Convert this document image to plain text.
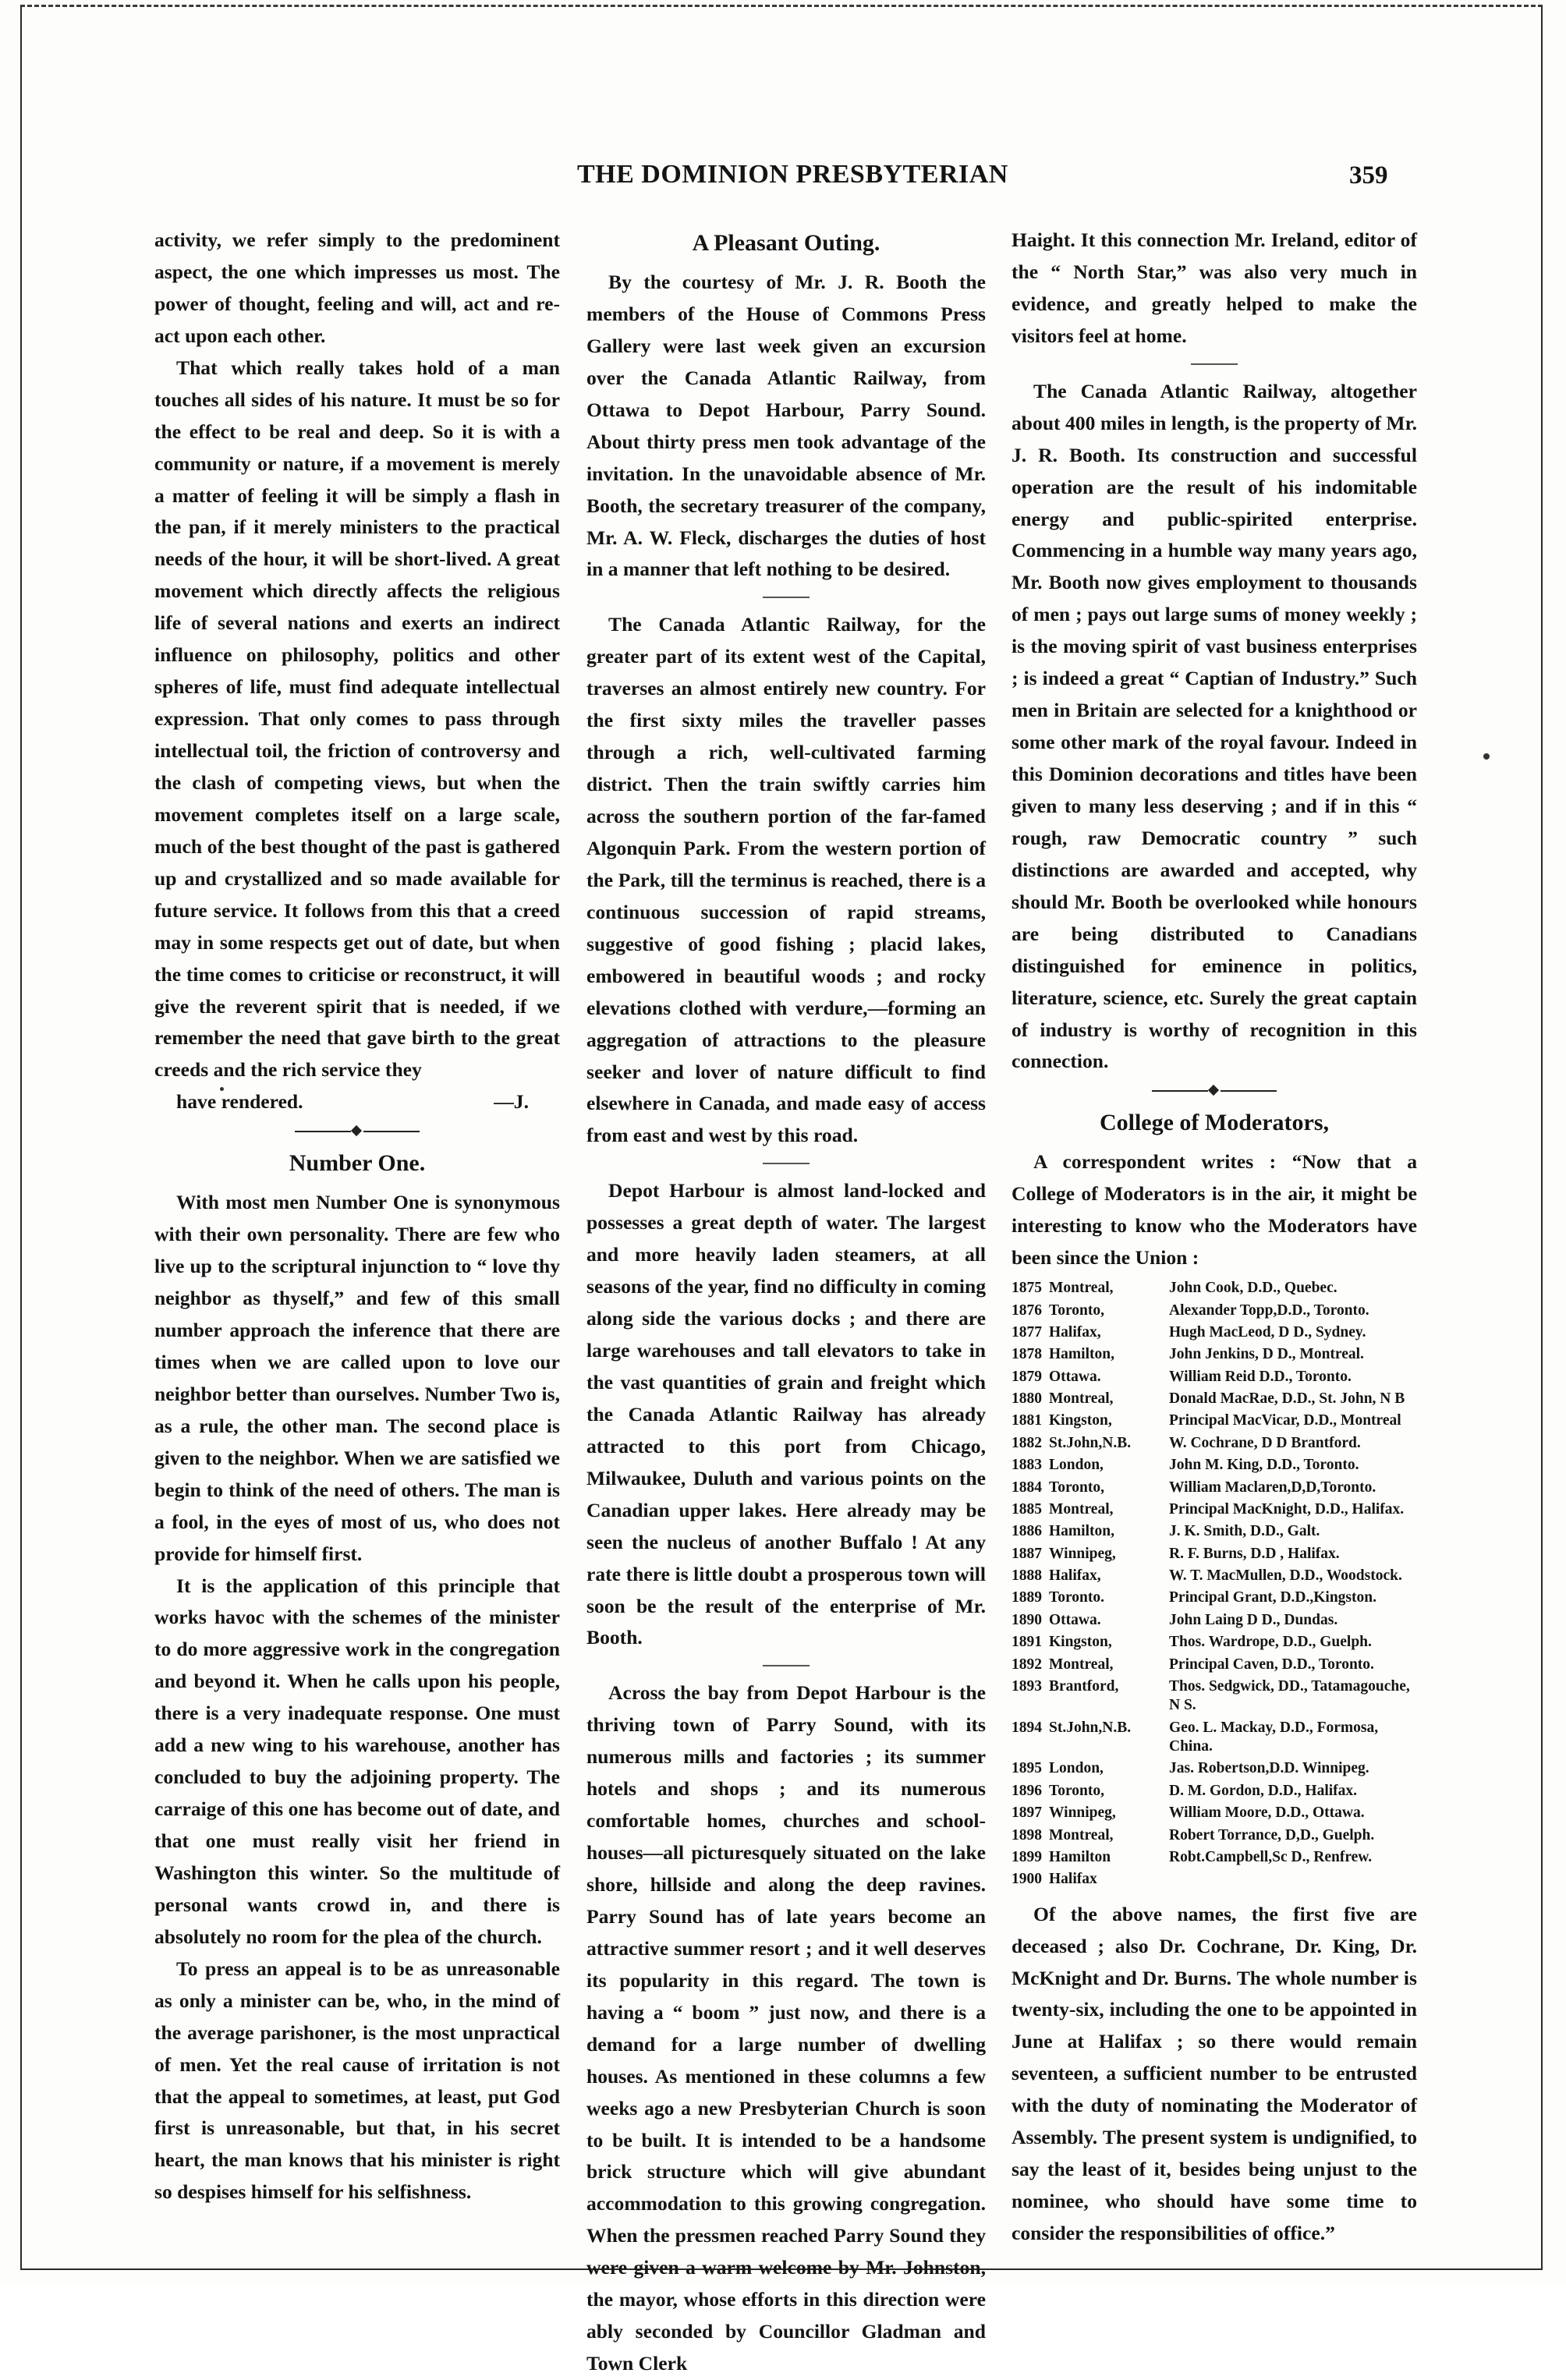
THE DOMINION PRESBYTERIAN	359

activity, we refer simply to the predominent aspect, the one which impresses us most. The power of thought, feeling and will, act and re-act upon each other.

That which really takes hold of a man touches all sides of his nature. It must be so for the effect to be real and deep. So it is with a community or nature, if a movement is merely a matter of feeling it will be simply a flash in the pan, if it merely ministers to the practical needs of the hour, it will be short-lived. A great movement which directly affects the religious life of several nations and exerts an indirect influence on philosophy, politics and other spheres of life, must find adequate intellectual expression. That only comes to pass through intellectual toil, the friction of controversy and the clash of competing views, but when the movement completes itself on a large scale, much of the best thought of the past is gathered up and crystallized and so made available for future service. It follows from this that a creed may in some respects get out of date, but when the time comes to criticise or reconstruct, it will give the reverent spirit that is needed, if we remember the need that gave birth to the great creeds and the rich service they

have rendered.	—J.

Number One.

With most men Number One is synonymous with their own personality. There are few who live up to the scriptural injunction to “ love thy neighbor as thyself,” and few of this small number approach the inference that there are times when we are called upon to love our neighbor better than ourselves. Number Two is, as a rule, the other man. The second place is given to the neighbor. When we are satisfied we begin to think of the need of others. The man is a fool, in the eyes of most of us, who does not provide for himself first.

It is the application of this principle that works havoc with the schemes of the minister to do more aggressive work in the congregation and beyond it. When he calls upon his people, there is a very inadequate response. One must add a new wing to his warehouse, another has concluded to buy the adjoining property. The carraige of this one has become out of date, and that one must really visit her friend in Washington this winter. So the multitude of personal wants crowd in, and there is absolutely no room for the plea of the church.

To press an appeal is to be as unreasonable as only a minister can be, who, in the mind of the average parishoner, is the most unpractical of men. Yet the real cause of irritation is not that the appeal to sometimes, at least, put God first is unreasonable, but that, in his secret heart, the man knows that his minister is right so despises himself for his selfishness.

A Pleasant Outing.

By the courtesy of Mr. J. R. Booth the members of the House of Commons Press Gallery were last week given an excursion over the Canada Atlantic Railway, from Ottawa to Depot Harbour, Parry Sound. About thirty press men took advantage of the invitation. In the unavoidable absence of Mr. Booth, the secretary treasurer of the company, Mr. A. W. Fleck, discharges the duties of host in a manner that left nothing to be desired.

The Canada Atlantic Railway, for the greater part of its extent west of the Capital, traverses an almost entirely new country. For the first sixty miles the traveller passes through a rich, well-cultivated farming district. Then the train swiftly carries him across the southern portion of the far-famed Algonquin Park. From the western portion of the Park, till the terminus is reached, there is a continuous succession of rapid streams, suggestive of good fishing ; placid lakes, embowered in beautiful woods ; and rocky elevations clothed with verdure,—forming an aggregation of attractions to the pleasure seeker and lover of nature difficult to find elsewhere in Canada, and made easy of access from east and west by this road.

Depot Harbour is almost land-locked and possesses a great depth of water. The largest and more heavily laden steamers, at all seasons of the year, find no difficulty in coming along side the various docks ; and there are large warehouses and tall elevators to take in the vast quantities of grain and freight which the Canada Atlantic Railway has already attracted to this port from Chicago, Milwaukee, Duluth and various points on the Canadian upper lakes. Here already may be seen the nucleus of another Buffalo ! At any rate there is little doubt a prosperous town will soon be the result of the enterprise of Mr. Booth.

Across the bay from Depot Harbour is the thriving town of Parry Sound, with its numerous mills and factories ; its summer hotels and shops ; and its numerous comfortable homes, churches and school-houses—all picturesquely situated on the lake shore, hillside and along the deep ravines. Parry Sound has of late years become an attractive summer resort ; and it well deserves its popularity in this regard. The town is having a “ boom ” just now, and there is a demand for a large number of dwelling houses. As mentioned in these columns a few weeks ago a new Presbyterian Church is soon to be built. It is intended to be a handsome brick structure which will give abundant accommodation to this growing congregation. When the pressmen reached Parry Sound they were given a warm welcome by Mr. Johnston, the mayor, whose efforts in this direction were ably seconded by Councillor Gladman and Town Clerk

Haight. It this connection Mr. Ireland, editor of the “ North Star,” was also very much in evidence, and greatly helped to make the visitors feel at home.

The Canada Atlantic Railway, altogether about 400 miles in length, is the property of Mr. J. R. Booth. Its construction and successful operation are the result of his indomitable energy and public-spirited enterprise. Commencing in a humble way many years ago, Mr. Booth now gives employment to thousands of men ; pays out large sums of money weekly ; is the moving spirit of vast business enterprises ; is indeed a great “ Captian of Industry.” Such men in Britain are selected for a knighthood or some other mark of the royal favour. Indeed in this Dominion decorations and titles have been given to many less deserving ; and if in this “ rough, raw Democratic country ” such distinctions are awarded and accepted, why should Mr. Booth be overlooked while honours are being distributed to Canadians distinguished for eminence in politics, literature, science, etc. Surely the great captain of industry is worthy of recognition in this connection.

College of Moderators,

A correspondent writes : “Now that a College of Moderators is in the air, it might be interesting to know who the Moderators have been since the Union :

1875	Montreal,	John Cook, D.D., Quebec.
1876	Toronto,	Alexander Topp,D.D., Toronto.
1877	Halifax,	Hugh MacLeod, D D., Sydney.
1878	Hamilton,	John Jenkins, D D., Montreal.
1879	Ottawa.	William Reid D.D., Toronto.
1880	Montreal,	Donald MacRae, D.D., St. John, N B
1881	Kingston,	Principal MacVicar, D.D., Montreal
1882	St.John,N.B.	W. Cochrane, D D Brantford.
1883	London,	John M. King, D.D., Toronto.
1884	Toronto,	William Maclaren,D,D,Toronto.
1885	Montreal,	Principal MacKnight, D.D., Halifax.
1886	Hamilton,	J. K. Smith, D.D., Galt.
1887	Winnipeg,	R. F. Burns, D.D , Halifax.
1888	Halifax,	W. T. MacMullen, D.D., Woodstock.
1889	Toronto.	Principal Grant, D.D.,Kingston.
1890	Ottawa.	John Laing D D., Dundas.
1891	Kingston,	Thos. Wardrope, D.D., Guelph.
1892	Montreal,	Principal Caven, D.D., Toronto.
1893	Brantford,	Thos. Sedgwick, DD., Tatamagouche, N S.
1894	St.John,N.B.	Geo. L. Mackay, D.D., Formosa, China.
1895	London,	Jas. Robertson,D.D. Winnipeg.
1896	Toronto,	D. M. Gordon, D.D., Halifax.
1897	Winnipeg,	William Moore, D.D., Ottawa.
1898	Montreal,	Robert Torrance, D,D., Guelph.
1899	Hamilton	Robt.Campbell,Sc D., Renfrew.
1900	Halifax	

Of the above names, the first five are deceased ; also Dr. Cochrane, Dr. King, Dr. McKnight and Dr. Burns. The whole number is twenty-six, including the one to be appointed in June at Halifax ; so there would remain seventeen, a sufficient number to be entrusted with the duty of nominating the Moderator of Assembly. The present system is undignified, to say the least of it, besides being unjust to the nominee, who should have some time to consider the responsibilities of office.”
